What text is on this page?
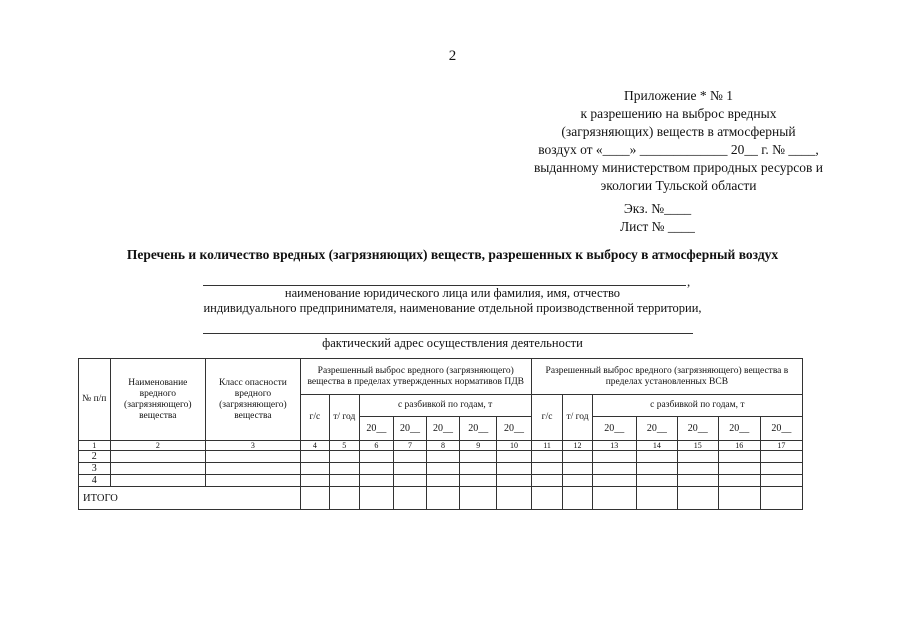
2
Приложение * № 1
к разрешению на выброс вредных
(загрязняющих) веществ в атмосферный
воздух от «____» _____________ 20__ г. № ____,
выданному министерством природных ресурсов и
экологии Тульской области
Экз. №____
Лист № ____
Перечень и количество вредных (загрязняющих) веществ, разрешенных к выбросу в атмосферный воздух
,
наименование юридического лица или фамилия, имя, отчество
индивидуального предпринимателя, наименование отдельной производственной территории,
фактический адрес осуществления деятельности
№ п/п	Наименование вредного (загрязняющего) вещества	Класс опасности вредного (загрязняющего) вещества	Разрешенный выброс вредного (загрязняющего) вещества в пределах утвержденных нормативов ПДВ							Разрешенный выброс вредного (загрязняющего) вещества в пределах установленных ВСВ						
			г/с	т/ год	с разбивкой по годам, т					г/с	т/ год	с разбивкой по годам, т				
					20__	20__	20__	20__	20__			20__	20__	20__	20__	20__
1	2	3	4	5	6	7	8	9	10	11	12	13	14	15	16	17
2																
3																
4																
ИТОГО																
